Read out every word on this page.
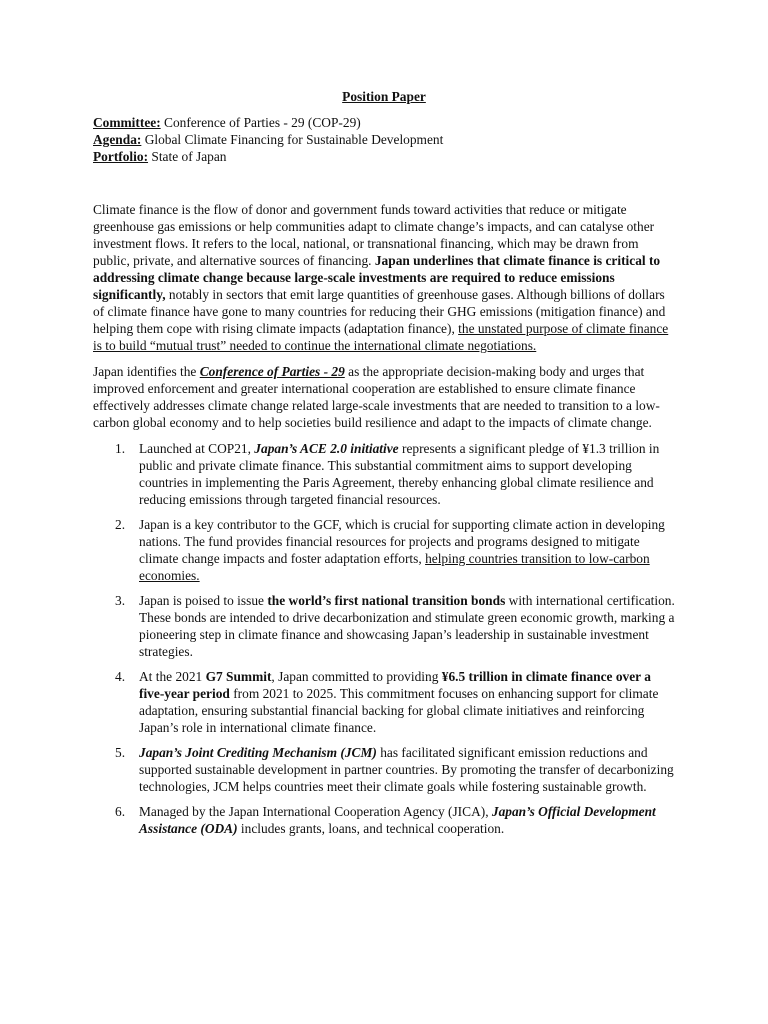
Position Paper
Committee: Conference of Parties - 29 (COP-29)
Agenda: Global Climate Financing for Sustainable Development
Portfolio: State of Japan

Climate finance is the flow of donor and government funds toward activities that reduce or mitigate greenhouse gas emissions or help communities adapt to climate change’s impacts, and can catalyse other investment flows. It refers to the local, national, or transnational financing, which may be drawn from public, private, and alternative sources of financing. Japan underlines that climate finance is critical to addressing climate change because large-scale investments are required to reduce emissions significantly, notably in sectors that emit large quantities of greenhouse gases. Although billions of dollars of climate finance have gone to many countries for reducing their GHG emissions (mitigation finance) and helping them cope with rising climate impacts (adaptation finance), the unstated purpose of climate finance is to build “mutual trust” needed to continue the international climate negotiations.

Japan identifies the Conference of Parties - 29 as the appropriate decision-making body and urges that improved enforcement and greater international cooperation are established to ensure climate finance effectively addresses climate change related large-scale investments that are needed to transition to a low-carbon global economy and to help societies build resilience and adapt to the impacts of climate change.

1. Launched at COP21, Japan’s ACE 2.0 initiative represents a significant pledge of ¥1.3 trillion in public and private climate finance. This substantial commitment aims to support developing countries in implementing the Paris Agreement, thereby enhancing global climate resilience and reducing emissions through targeted financial resources.
2. Japan is a key contributor to the GCF, which is crucial for supporting climate action in developing nations. The fund provides financial resources for projects and programs designed to mitigate climate change impacts and foster adaptation efforts, helping countries transition to low-carbon economies.
3. Japan is poised to issue the world’s first national transition bonds with international certification. These bonds are intended to drive decarbonization and stimulate green economic growth, marking a pioneering step in climate finance and showcasing Japan’s leadership in sustainable investment strategies.
4. At the 2021 G7 Summit, Japan committed to providing ¥6.5 trillion in climate finance over a five-year period from 2021 to 2025. This commitment focuses on enhancing support for climate adaptation, ensuring substantial financial backing for global climate initiatives and reinforcing Japan’s role in international climate finance.
5. Japan’s Joint Crediting Mechanism (JCM) has facilitated significant emission reductions and supported sustainable development in partner countries. By promoting the transfer of decarbonizing technologies, JCM helps countries meet their climate goals while fostering sustainable growth.
6. Managed by the Japan International Cooperation Agency (JICA), Japan’s Official Development Assistance (ODA) includes grants, loans, and technical cooperation.
